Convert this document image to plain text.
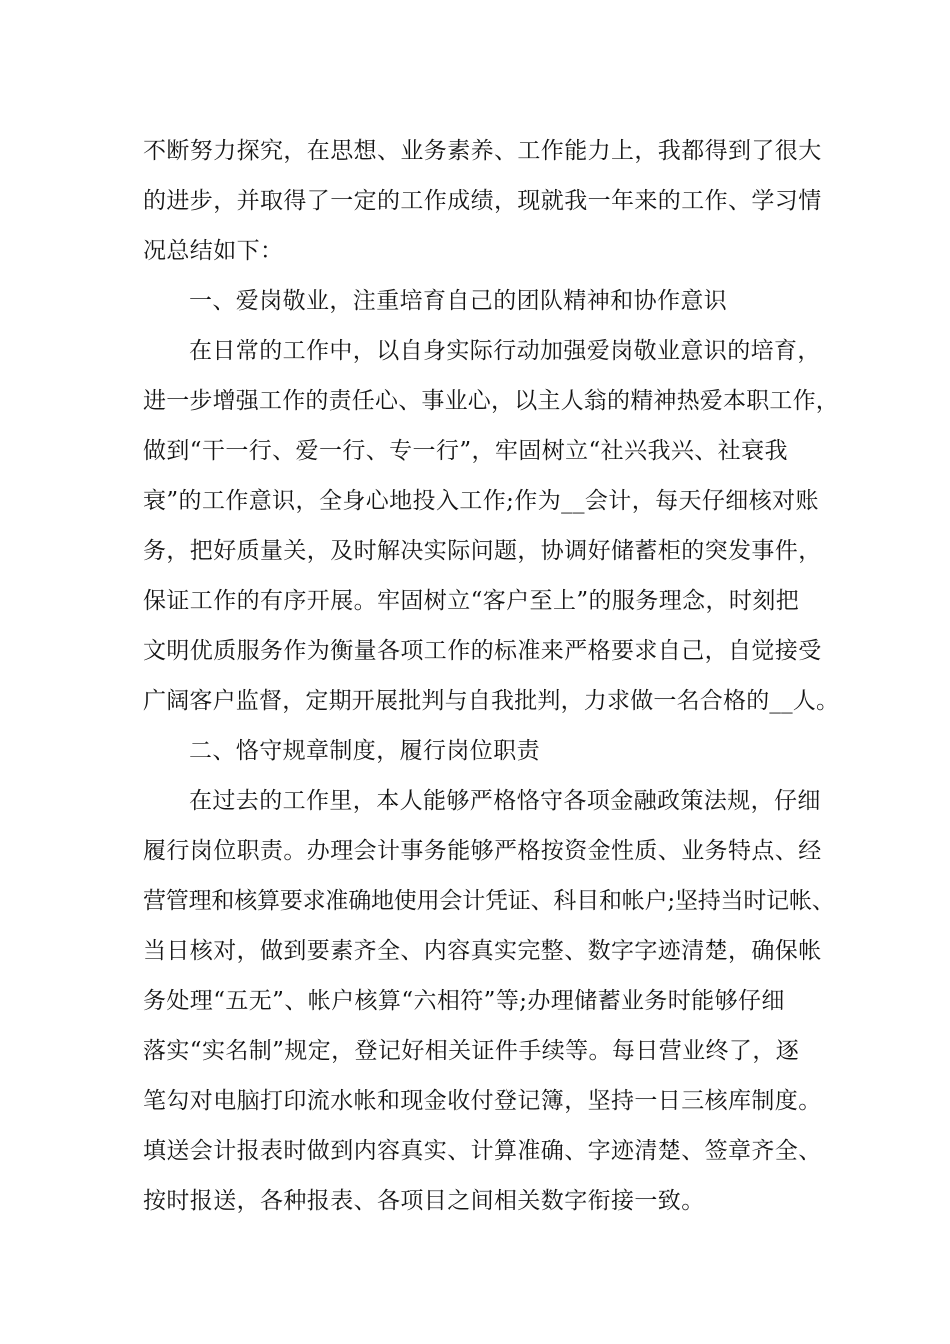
不断努力探究，在思想、业务素养、工作能力上，我都得到了很大
的进步，并取得了一定的工作成绩，现就我一年来的工作、学习情
况总结如下：
一、爱岗敬业，注重培育自己的团队精神和协作意识
在日常的工作中，以自身实际行动加强爱岗敬业意识的培育，
进一步增强工作的责任心、事业心，以主人翁的精神热爱本职工作，
做到“干一行、爱一行、专一行”，牢固树立“社兴我兴、社衰我
衰”的工作意识，全身心地投入工作;作为__会计，每天仔细核对账
务，把好质量关，及时解决实际问题，协调好储蓄柜的突发事件，
保证工作的有序开展。牢固树立“客户至上”的服务理念，时刻把
文明优质服务作为衡量各项工作的标准来严格要求自己，自觉接受
广阔客户监督，定期开展批判与自我批判，力求做一名合格的__人。
二、恪守规章制度，履行岗位职责
在过去的工作里，本人能够严格恪守各项金融政策法规，仔细
履行岗位职责。办理会计事务能够严格按资金性质、业务特点、经
营管理和核算要求准确地使用会计凭证、科目和帐户;坚持当时记帐、
当日核对，做到要素齐全、内容真实完整、数字字迹清楚，确保帐
务处理“五无”、帐户核算“六相符”等;办理储蓄业务时能够仔细
落实“实名制”规定，登记好相关证件手续等。每日营业终了，逐
笔勾对电脑打印流水帐和现金收付登记簿，坚持一日三核库制度。
填送会计报表时做到内容真实、计算准确、字迹清楚、签章齐全、
按时报送，各种报表、各项目之间相关数字衔接一致。
